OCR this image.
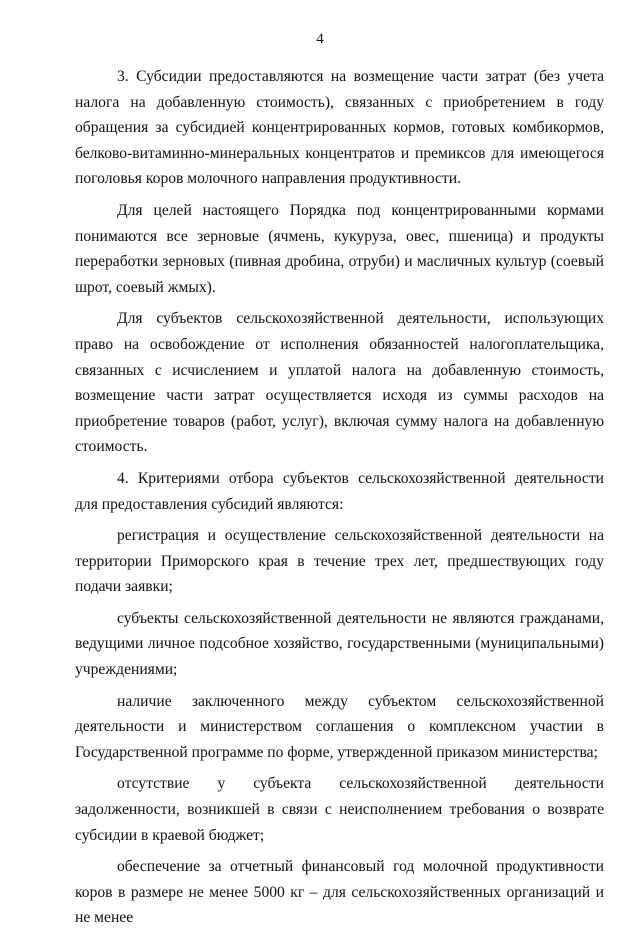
4

3. Субсидии предоставляются на возмещение части затрат (без учета налога на добавленную стоимость), связанных с приобретением в году обращения за субсидией концентрированных кормов, готовых комбикормов, белково-витаминно-минеральных концентратов и премиксов для имеющегося поголовья коров молочного направления продуктивности.

Для целей настоящего Порядка под концентрированными кормами понимаются все зерновые (ячмень, кукуруза, овес, пшеница) и продукты переработки зерновых (пивная дробина, отруби) и масличных культур (соевый шрот, соевый жмых).

Для субъектов сельскохозяйственной деятельности, использующих право на освобождение от исполнения обязанностей налогоплательщика, связанных с исчислением и уплатой налога на добавленную стоимость, возмещение части затрат осуществляется исходя из суммы расходов на приобретение товаров (работ, услуг), включая сумму налога на добавленную стоимость.

4. Критериями отбора субъектов сельскохозяйственной деятельности для предоставления субсидий являются:

регистрация и осуществление сельскохозяйственной деятельности на территории Приморского края в течение трех лет, предшествующих году подачи заявки;

субъекты сельскохозяйственной деятельности не являются гражданами, ведущими личное подсобное хозяйство, государственными (муниципальными) учреждениями;

наличие заключенного между субъектом сельскохозяйственной деятельности и министерством соглашения о комплексном участии в Государственной программе по форме, утвержденной приказом министерства;

отсутствие у субъекта сельскохозяйственной деятельности задолженности, возникшей в связи с неисполнением требования о возврате субсидии в краевой бюджет;

обеспечение за отчетный финансовый год молочной продуктивности коров в размере не менее 5000 кг – для сельскохозяйственных организаций и не менее
